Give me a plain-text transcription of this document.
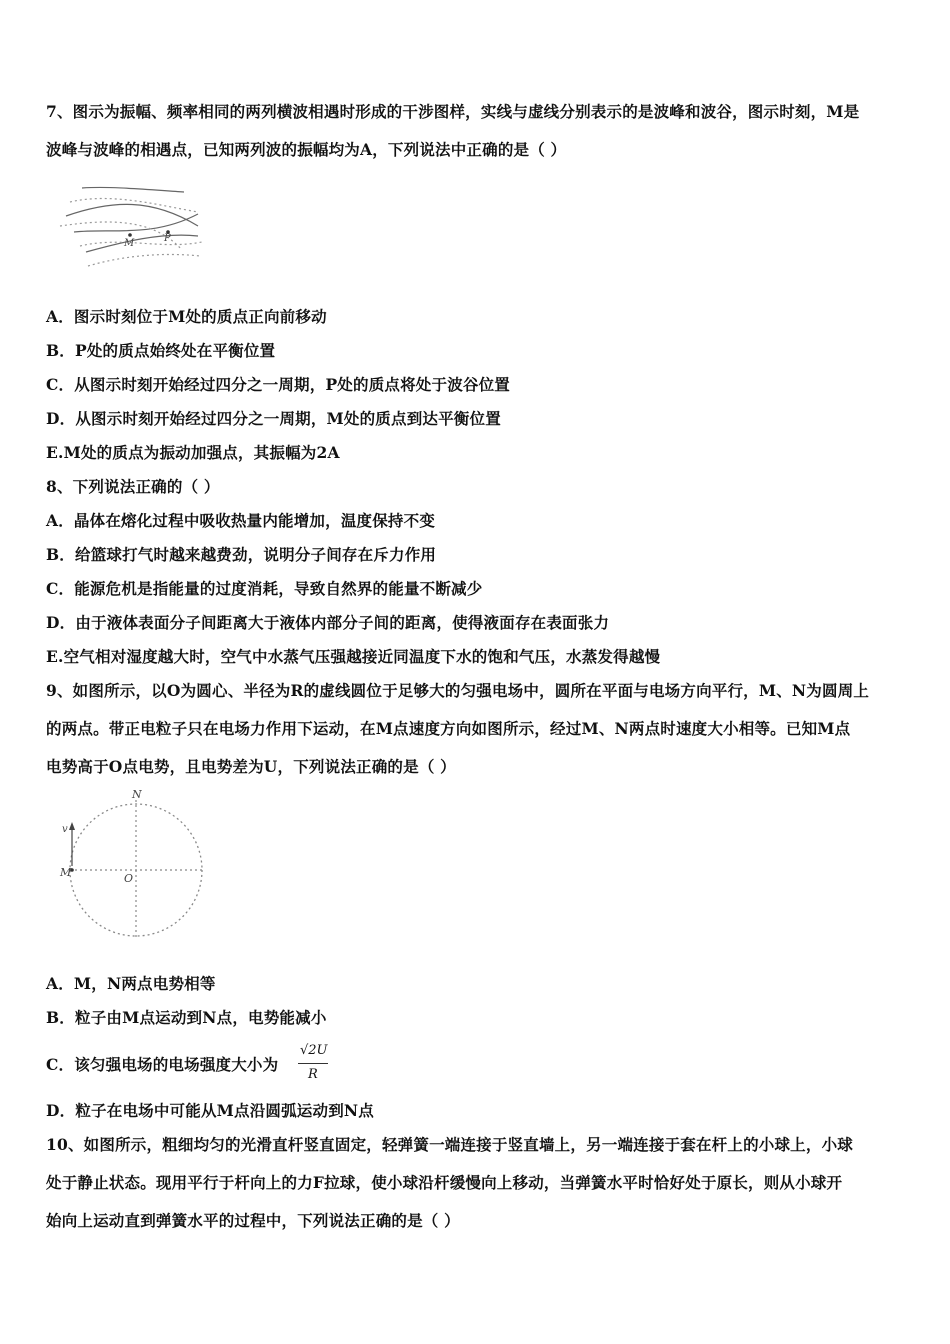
7、图示为振幅、频率相同的两列横波相遇时形成的干涉图样，实线与虚线分别表示的是波峰和波谷，图示时刻，M是
波峰与波峰的相遇点，已知两列波的振幅均为A，下列说法中正确的是（ ）
M	P
A．图示时刻位于M处的质点正向前移动
B．P处的质点始终处在平衡位置
C．从图示时刻开始经过四分之一周期，P处的质点将处于波谷位置
D．从图示时刻开始经过四分之一周期，M处的质点到达平衡位置
E.M处的质点为振动加强点，其振幅为2A
8、下列说法正确的（ ）
A．晶体在熔化过程中吸收热量内能增加，温度保持不变
B．给篮球打气时越来越费劲，说明分子间存在斥力作用
C．能源危机是指能量的过度消耗，导致自然界的能量不断减少
D．由于液体表面分子间距离大于液体内部分子间的距离，使得液面存在表面张力
E.空气相对湿度越大时，空气中水蒸气压强越接近同温度下水的饱和气压，水蒸发得越慢
9、如图所示，以O为圆心、半径为R的虚线圆位于足够大的匀强电场中，圆所在平面与电场方向平行，M、N为圆周上
的两点。带正电粒子只在电场力作用下运动，在M点速度方向如图所示，经过M、N两点时速度大小相等。已知M点
电势高于O点电势，且电势差为U，下列说法正确的是（ ）
N
M	O
v
A．M，N两点电势相等
B．粒子由M点运动到N点，电势能减小
C．该匀强电场的电场强度大小为
√2U
R
D．粒子在电场中可能从M点沿圆弧运动到N点
10、如图所示，粗细均匀的光滑直杆竖直固定，轻弹簧一端连接于竖直墙上，另一端连接于套在杆上的小球上，小球
处于静止状态。现用平行于杆向上的力F拉球，使小球沿杆缓慢向上移动，当弹簧水平时恰好处于原长，则从小球开
始向上运动直到弹簧水平的过程中，下列说法正确的是（ ）
